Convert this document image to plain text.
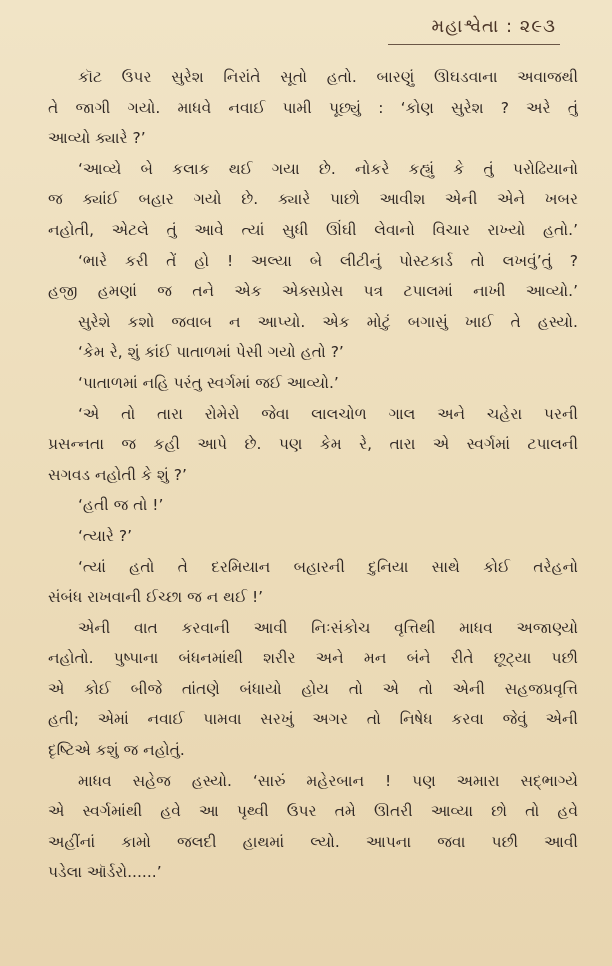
મહાશ્વેતા : ૨૯૩
કૉટ ઉપર સુરેશ નિરાંતે સૂતો હતો. બારણું ઊઘડવાના અવાજથી
તે જાગી ગયો. માધવે નવાઈ પામી પૂછ્યું : ‘કોણ સુરેશ ? અરે તું
આવ્યો ક્યારે ?’
‘આવ્યે બે કલાક થઈ ગયા છે. નોકરે કહ્યું કે તું પરોઢિયાનો
જ ક્યાંઈ બહાર ગયો છે. ક્યારે પાછો આવીશ એની એને ખબર
નહોતી, એટલે તું આવે ત્યાં સુધી ઊંઘી લેવાનો વિચાર રાખ્યો હતો.’
‘ભારે કરી તેં હો ! અલ્યા બે લીટીનું પોસ્ટકાર્ડ તો લખવું’તું ?
હજી હમણાં જ તને એક એક્સપ્રેસ પત્ર ટપાલમાં નાખી આવ્યો.’
સુરેશે કશો જવાબ ન આપ્યો. એક મોટું બગાસું ખાઈ તે હસ્યો.
‘કેમ રે, શું કાંઈ પાતાળમાં પેસી ગયો હતો ?’
‘પાતાળમાં નહિ પરંતુ સ્વર્ગમાં જઈ આવ્યો.’
‘એ તો તારા રોમેરો જેવા લાલચોળ ગાલ અને ચહેરા પરની
પ્રસન્નતા જ કહી આપે છે. પણ કેમ રે, તારા એ સ્વર્ગમાં ટપાલની
સગવડ નહોતી કે શું ?’
‘હતી જ તો !’
‘ત્યારે ?’
‘ત્યાં હતો તે દરમિયાન બહારની દુનિયા સાથે કોઈ તરેહનો
સંબંધ રાખવાની ઈચ્છા જ ન થઈ !’
એની વાત કરવાની આવી નિઃસંકોચ વૃત્તિથી માધવ અજાણ્યો
નહોતો. પુષ્પાના બંધનમાંથી શરીર અને મન બંને રીતે છૂટ્યા પછી
એ કોઈ બીજે તાંતણે બંધાયો હોય તો એ તો એની સહજપ્રવૃત્તિ
હતી; એમાં નવાઈ પામવા સરખું અગર તો નિષેધ કરવા જેવું એની
દૃષ્ટિએ કશું જ નહોતું.
માધવ સહેજ હસ્યો. ‘સારું મહેરબાન ! પણ અમારા સદ્ભાગ્યે
એ સ્વર્ગમાંથી હવે આ પૃથ્વી ઉપર તમે ઊતરી આવ્યા છો તો હવે
અહીંનાં કામો જલદી હાથમાં લ્યો. આપના જવા પછી આવી
પડેલા ઑર્ડરો......’
